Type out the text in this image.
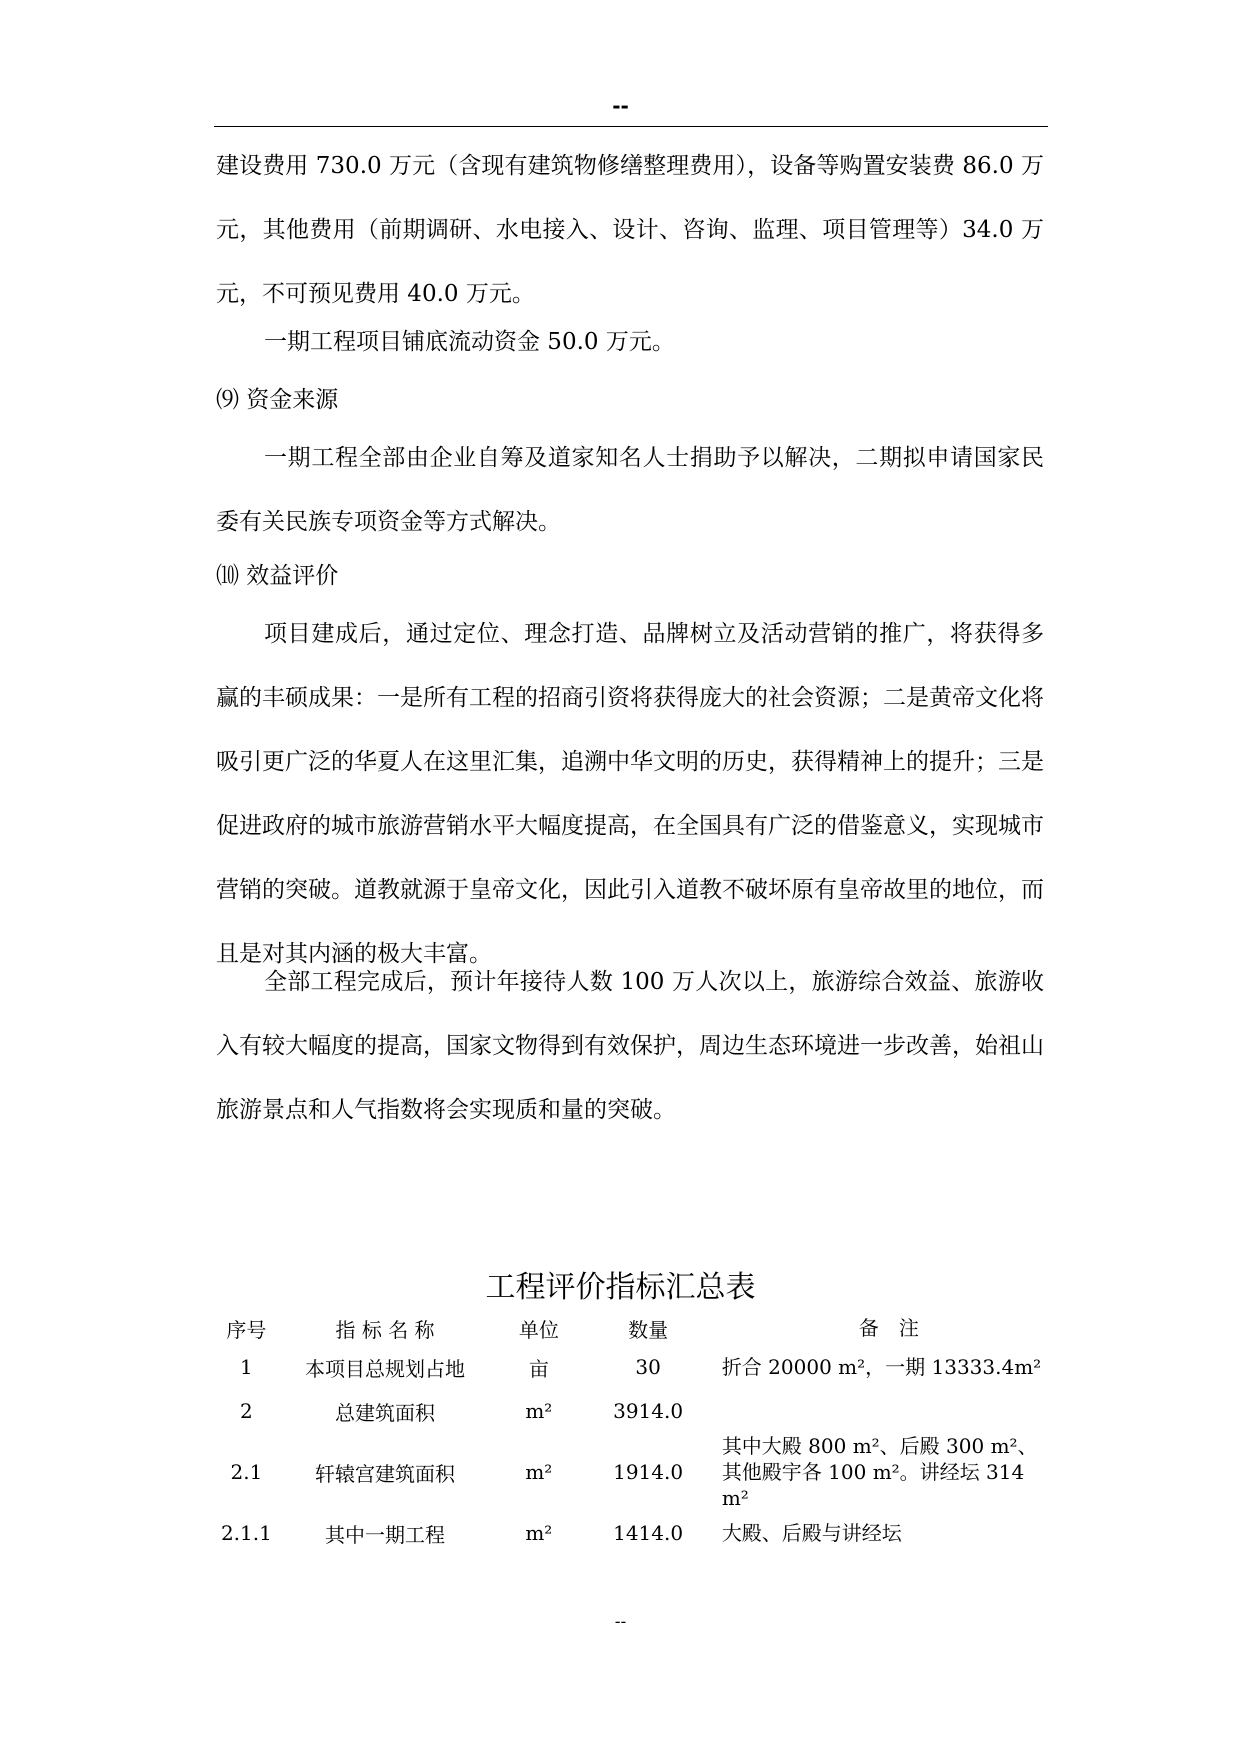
--
建设费用 730.0 万元（含现有建筑物修缮整理费用），设备等购置安装费 86.0 万元，其他费用（前期调研、水电接入、设计、咨询、监理、项目管理等）34.0 万元，不可预见费用 40.0 万元。
一期工程项目铺底流动资金 50.0 万元。
⑼ 资金来源
一期工程全部由企业自筹及道家知名人士捐助予以解决，二期拟申请国家民委有关民族专项资金等方式解决。
⑽ 效益评价
项目建成后，通过定位、理念打造、品牌树立及活动营销的推广，将获得多赢的丰硕成果：一是所有工程的招商引资将获得庞大的社会资源；二是黄帝文化将吸引更广泛的华夏人在这里汇集，追溯中华文明的历史，获得精神上的提升；三是促进政府的城市旅游营销水平大幅度提高，在全国具有广泛的借鉴意义，实现城市营销的突破。道教就源于皇帝文化，因此引入道教不破坏原有皇帝故里的地位，而且是对其内涵的极大丰富。
全部工程完成后，预计年接待人数 100 万人次以上，旅游综合效益、旅游收入有较大幅度的提高，国家文物得到有效保护，周边生态环境进一步改善，始祖山旅游景点和人气指数将会实现质和量的突破。
工程评价指标汇总表
序号	指 标 名 称	单位	数量	备　注
1	本项目总规划占地	亩	30	折合 20000 m²，一期 13333.4m²
2	总建筑面积	m²	3914.0	
2.1	轩辕宫建筑面积	m²	1914.0	其中大殿 800 m²、后殿 300 m²、其他殿宇各 100 m²。讲经坛 314 m²
2.1.1	其中一期工程	m²	1414.0	大殿、后殿与讲经坛
--
